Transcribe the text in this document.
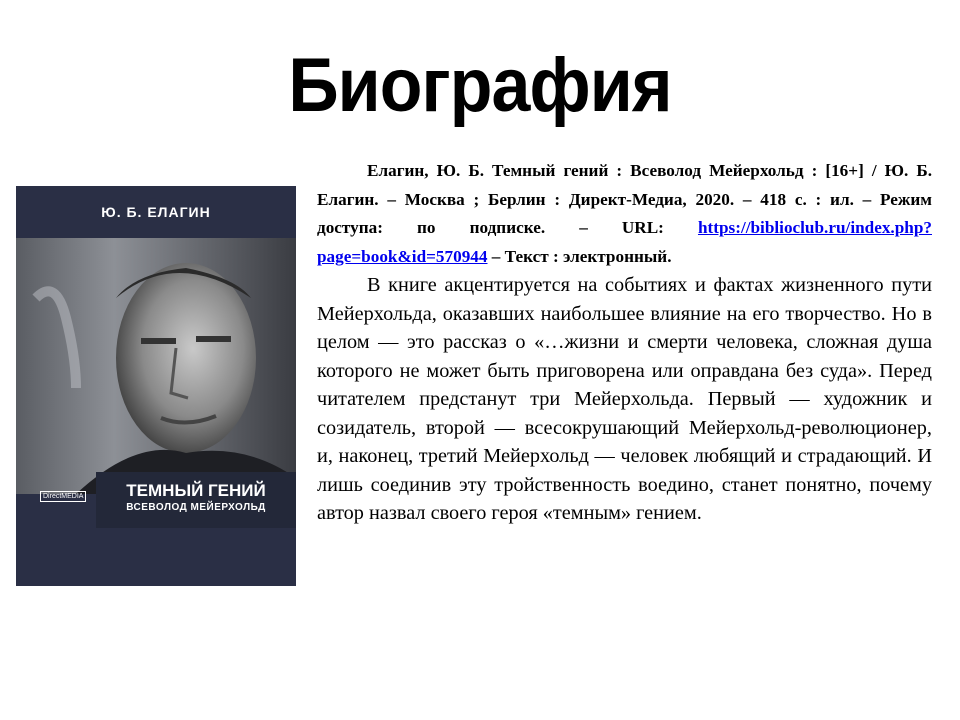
Биография
Ю. Б. ЕЛАГИН
ТЕМНЫЙ ГЕНИЙ
ВСЕВОЛОД МЕЙЕРХОЛЬД
DirectMEDIA

Елагин, Ю. Б. Темный гений : Всеволод Мейерхольд : [16+] / Ю. Б. Елагин. – Москва ; Берлин : Директ-Медиа, 2020. – 418 с. : ил. – Режим доступа: по подписке. – URL: https://biblioclub.ru/index.php?page=book&id=570944 – Текст : электронный.

В книге акцентируется на событиях и фактах жизненного пути Мейерхольда, оказавших наибольшее влияние на его творчество. Но в целом — это рассказ о «…жизни и смерти человека, сложная душа которого не может быть приговорена или оправдана без суда». Перед читателем предстанут три Мейерхольда. Первый — художник и созидатель, второй — всесокрушающий Мейерхольд-революционер, и, наконец, третий Мейерхольд — человек любящий и страдающий. И лишь соединив эту тройственность воедино, станет понятно, почему автор назвал своего героя «темным» гением.
